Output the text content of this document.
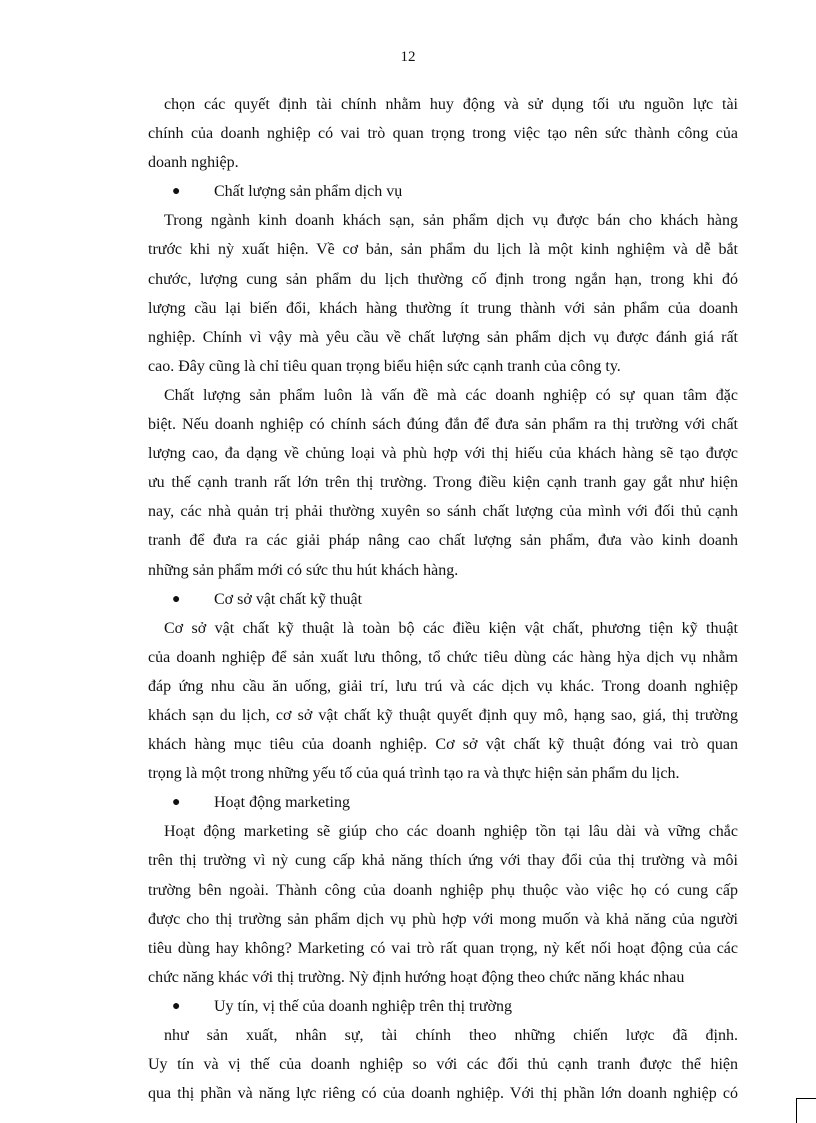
12
chọn các quyết định tài chính nhằm huy động và sử dụng tối ưu nguồn lực tài
chính của doanh nghiệp có vai trò quan trọng trong việc tạo nên sức thành công của
doanh nghiệp.
● Chất lượng sản phẩm dịch vụ
Trong ngành kinh doanh khách sạn, sản phẩm dịch vụ được bán cho khách hàng
trước khi nỳ xuất hiện. Về cơ bản, sản phẩm du lịch là một kinh nghiệm và dễ bắt
chước, lượng cung sản phẩm du lịch thường cố định trong ngắn hạn, trong khi đó
lượng cầu lại biến đổi, khách hàng thường ít trung thành với sản phẩm của doanh
nghiệp. Chính vì vậy mà yêu cầu về chất lượng sản phẩm dịch vụ được đánh giá rất
cao. Đây cũng là chỉ tiêu quan trọng biểu hiện sức cạnh tranh của công ty.
Chất lượng sản phẩm luôn là vấn đề mà các doanh nghiệp có sự quan tâm đặc
biệt. Nếu doanh nghiệp có chính sách đúng đắn để đưa sản phẩm ra thị trường với chất
lượng cao, đa dạng về chủng loại và phù hợp với thị hiếu của khách hàng sẽ tạo được
ưu thế cạnh tranh rất lớn trên thị trường. Trong điều kiện cạnh tranh gay gắt như hiện
nay, các nhà quản trị phải thường xuyên so sánh chất lượng của mình với đối thủ cạnh
tranh để đưa ra các giải pháp nâng cao chất lượng sản phẩm, đưa vào kinh doanh
những sản phẩm mới có sức thu hút khách hàng.
● Cơ sở vật chất kỹ thuật
Cơ sở vật chất kỹ thuật là toàn bộ các điều kiện vật chất, phương tiện kỹ thuật
của doanh nghiệp để sản xuất lưu thông, tổ chức tiêu dùng các hàng hỳa dịch vụ nhằm
đáp ứng nhu cầu ăn uống, giải trí, lưu trú và các dịch vụ khác. Trong doanh nghiệp
khách sạn du lịch, cơ sở vật chất kỹ thuật quyết định quy mô, hạng sao, giá, thị trường
khách hàng mục tiêu của doanh nghiệp. Cơ sở vật chất kỹ thuật đóng vai trò quan
trọng là một trong những yếu tố của quá trình tạo ra và thực hiện sản phẩm du lịch.
● Hoạt động marketing
Hoạt động marketing sẽ giúp cho các doanh nghiệp tồn tại lâu dài và vững chắc
trên thị trường vì nỳ cung cấp khả năng thích ứng với thay đổi của thị trường và môi
trường bên ngoài. Thành công của doanh nghiệp phụ thuộc vào việc họ có cung cấp
được cho thị trường sản phẩm dịch vụ phù hợp với mong muốn và khả năng của người
tiêu dùng hay không? Marketing có vai trò rất quan trọng, nỳ kết nối hoạt động của các
chức năng khác với thị trường. Nỳ định hướng hoạt động theo chức năng khác nhau
● Uy tín, vị thế của doanh nghiệp trên thị trường
như sản xuất, nhân sự, tài chính theo những chiến lược đã định.
Uy tín và vị thế của doanh nghiệp so với các đối thủ cạnh tranh được thể hiện
qua thị phần và năng lực riêng có của doanh nghiệp. Với thị phần lớn doanh nghiệp có
